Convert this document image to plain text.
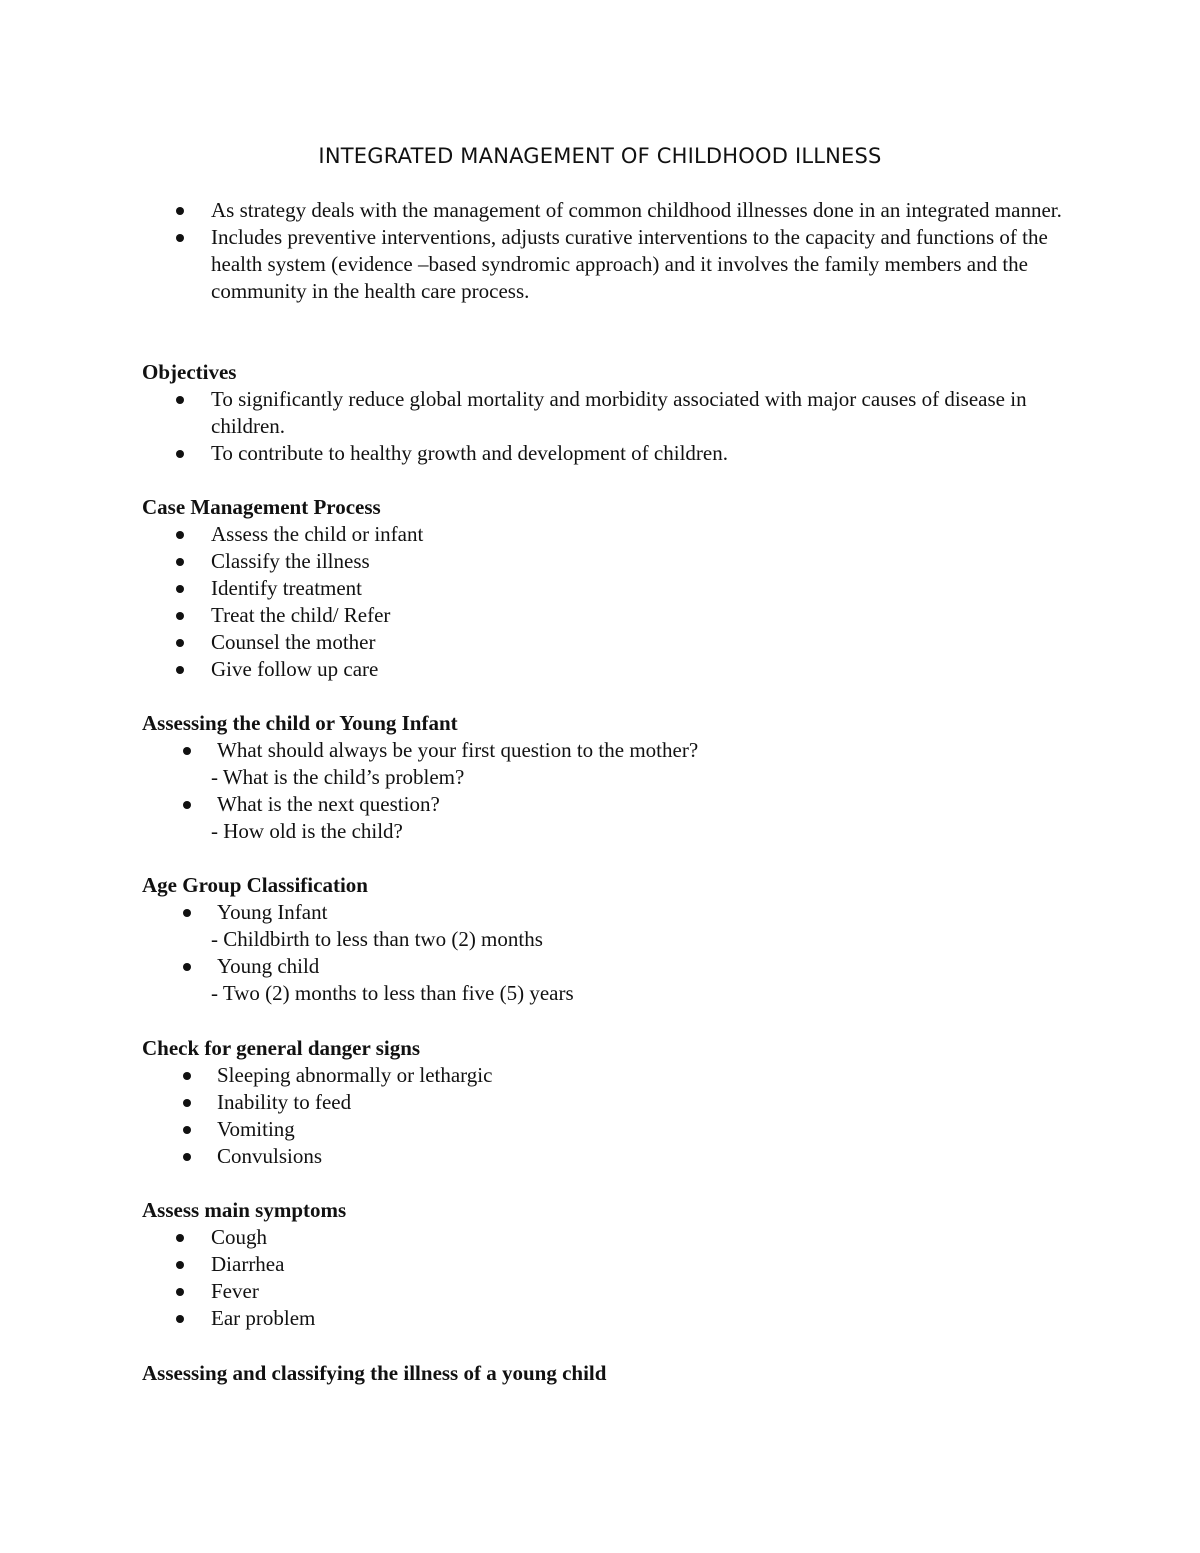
INTEGRATED MANAGEMENT OF CHILDHOOD ILLNESS
As strategy deals with the management of common childhood illnesses done in an integrated manner.
Includes preventive interventions, adjusts curative interventions to the capacity and functions of the health system (evidence –based syndromic approach) and it involves the family members and the community in the health care process.
Objectives
To significantly reduce global mortality and morbidity associated with major causes of disease in children.
To contribute to healthy growth and development of children.
Case Management Process
Assess the child or infant
Classify the illness
Identify treatment
Treat the child/ Refer
Counsel the mother
Give follow up care
Assessing the child or Young Infant
What should always be your first question to the mother?
- What is the child’s problem?
What is the next question?
- How old is the child?
Age Group Classification
Young Infant
- Childbirth to less than two (2) months
Young child
- Two (2) months to less than five (5) years
Check for general danger signs
Sleeping abnormally or lethargic
Inability to feed
Vomiting
Convulsions
Assess main symptoms
Cough
Diarrhea
Fever
Ear problem
Assessing and classifying the illness of a young child
